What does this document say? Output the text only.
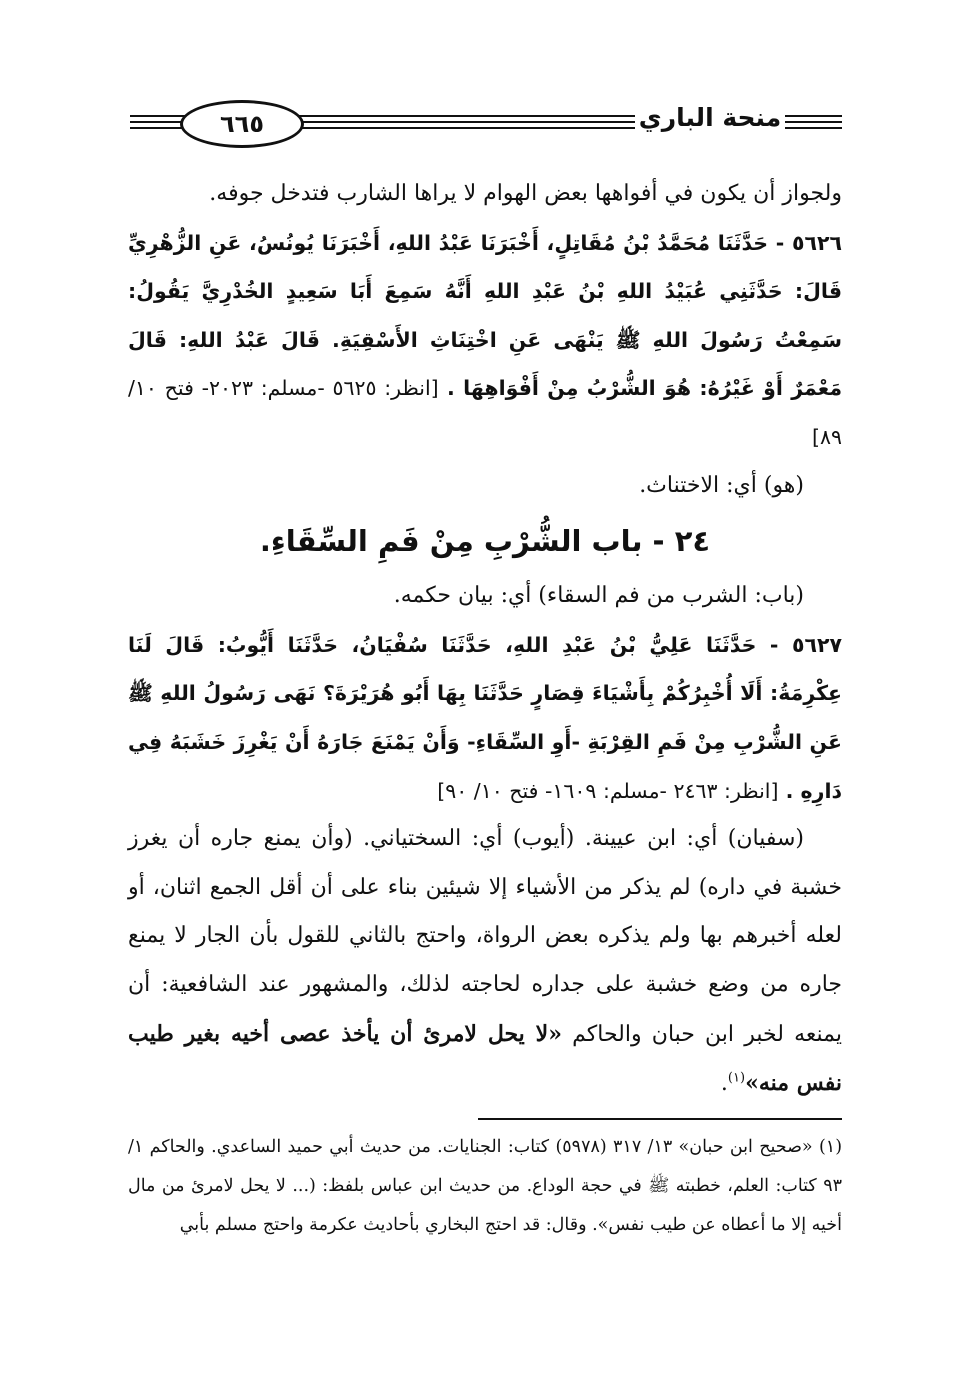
٦٦٥	منحة الباري

ولجواز أن يكون في أفواهها بعض الهوام لا يراها الشارب فتدخل جوفه.

٥٦٢٦ - حَدَّثَنَا مُحَمَّدُ بْنُ مُقَاتِلٍ، أَخْبَرَنَا عَبْدُ اللهِ، أَخْبَرَنَا يُونُسُ، عَنِ الزُّهْرِيِّ قَالَ: حَدَّثَنِي عُبَيْدُ اللهِ بْنُ عَبْدِ اللهِ أَنَّهُ سَمِعَ أَبَا سَعِيدٍ الخُدْرِيَّ يَقُولُ: سَمِعْتُ رَسُولَ اللهِ ﷺ يَنْهَى عَنِ اخْتِنَاثِ الأَسْقِيَةِ. قَالَ عَبْدُ اللهِ: قَالَ مَعْمَرٌ أَوْ غَيْرُهُ: هُوَ الشُّرْبُ مِنْ أَفْوَاهِهَا . [انظر: ٥٦٢٥ -مسلم: ٢٠٢٣- فتح ١٠/ ٨٩]

(هو) أي: الاختناث.

٢٤ - باب الشُّرْبِ مِنْ فَمِ السِّقَاءِ.

(باب: الشرب من فم السقاء) أي: بيان حكمه.

٥٦٢٧ - حَدَّثَنَا عَلِيُّ بْنُ عَبْدِ اللهِ، حَدَّثَنَا سُفْيَانُ، حَدَّثَنَا أَيُّوبُ: قَالَ لَنَا عِكْرِمَةُ: أَلَا أُخْبِرُكُمْ بِأَشْيَاءَ قِصَارٍ حَدَّثَنَا بِهَا أَبُو هُرَيْرَةَ؟ نَهَى رَسُولُ اللهِ ﷺ عَنِ الشُّرْبِ مِنْ فَمِ القِرْبَةِ -أَوِ السِّقَاءِ- وَأَنْ يَمْنَعَ جَارَهُ أَنْ يَغْرِزَ خَشَبَهُ فِي دَارِهِ . [انظر: ٢٤٦٣ -مسلم: ١٦٠٩- فتح ١٠/ ٩٠]

(سفيان) أي: ابن عيينة. (أيوب) أي: السختياني. (وأن يمنع جاره أن يغرز خشبة في داره) لم يذكر من الأشياء إلا شيئين بناء على أن أقل الجمع اثنان، أو لعله أخبرهم بها ولم يذكره بعض الرواة، واحتج بالثاني للقول بأن الجار لا يمنع جاره من وضع خشبة على جداره لحاجته لذلك، والمشهور عند الشافعية: أن يمنعه لخبر ابن حبان والحاكم «لا يحل لامرئ أن يأخذ عصى أخيه بغير طيب نفس منه»$^{(١)}$.

(١) «صحيح ابن حبان» ١٣/ ٣١٧ (٥٩٧٨) كتاب: الجنايات. من حديث أبي حميد الساعدي. والحاكم ١/ ٩٣ كتاب: العلم، خطبته ﷺ في حجة الوداع. من حديث ابن عباس بلفظ: (... لا يحل لامرئ من مال أخيه إلا ما أعطاه عن طيب نفس». وقال: قد احتج البخاري بأحاديث عكرمة واحتج مسلم بأبي
